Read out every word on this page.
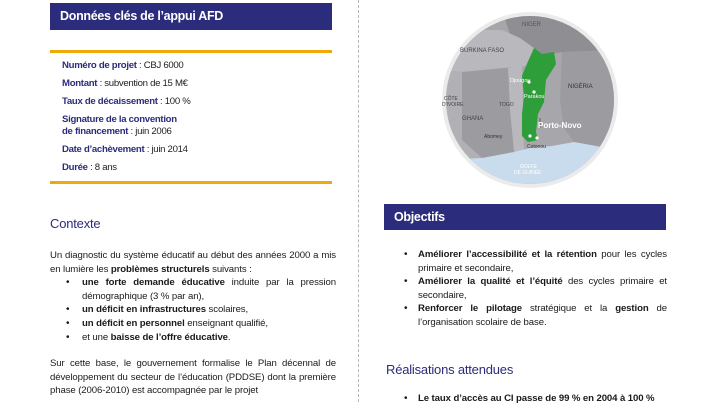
Données clés de l’appui AFD
Numéro de projet : CBJ 6000
Montant : subvention de 15 M€
Taux de décaissement : 100 %
Signature de la convention
de financement : juin 2006
Date d’achèvement : juin 2014
Durée : 8 ans
Contexte
Un diagnostic du système éducatif au début des années 2000 a mis en lumière les problèmes structurels suivants :
• une forte demande éducative induite par la pression démographique (3 % par an),
• un déficit en infrastructures scolaires,
• un déficit en personnel enseignant qualifié,
• et une baisse de l’offre éducative.
Sur cette base, le gouvernement formalise le Plan décennal de développement du secteur de l’éducation (PDDSE) dont la première phase (2006-2010) est accompagnée par le projet
NIGER
BURKINA FASO
NIGÉRIA
TOGO
CÔTE
D'IVOIRE
GHANA
Djougou
Parakou
Porto-Novo
Abomey
Cotonou
GOLFE
DE GUINÉE
Objectifs
• Améliorer l’accessibilité et la rétention pour les cycles primaire et secondaire,
• Améliorer la qualité et l’équité des cycles primaire et secondaire,
• Renforcer le pilotage stratégique et la gestion de l’organisation scolaire de base.
Réalisations attendues
• Le taux d’accès au CI passe de 99 % en 2004 à 100 %
